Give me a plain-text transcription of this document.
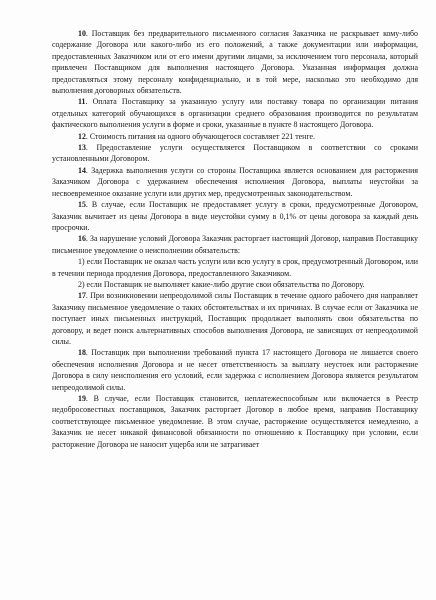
10. Поставщик без предварительного письменного согласия Заказчика не раскрывает кому-либо содержание Договора или какого-либо из его положений, а также документации или информации, предоставленных Заказчиком или от его имени другими лицами, за исключением того персонала, который привлечен Поставщиком для выполнения настоящего Договора. Указанная информация должна предоставляться этому персоналу конфиденциально, и в той мере, насколько это необходимо для выполнения договорных обязательств.

11. Оплата Поставщику за указанную услугу или поставку товара по организации питания отдельных категорий обучающихся в организации среднего образования производится по результатам фактического выполнения услуги в форме и сроки, указанные в пункте 8 настоящего Договора.

12. Стоимость питания на одного обучающегося составляет 221 тенге.

13. Предоставление услуги осуществляется Поставщиком в соответствии со сроками установленными Договором.

14. Задержка выполнения услуги со стороны Поставщика является основанием для расторжения Заказчиком Договора с удержанием обеспечения исполнения Договора, выплаты неустойки за несвоевременное оказание услуги или других мер, предусмотренных законодательством.

15. В случае, если Поставщик не предоставляет услугу в сроки, предусмотренные Договором, Заказчик вычитает из цены Договора в виде неустойки сумму в 0,1% от цены договора за каждый день просрочки.

16. За нарушение условий Договора Заказчик расторгает настоящий Договор, направив Поставщику письменное уведомление о неисполнении обязательств:

1) если Поставщик не оказал часть услуги или всю услугу в срок, предусмотренный Договором, или в течении периода продления Договора, предоставленного Заказчиком.

2) если Поставщик не выполняет какие-либо другие свои обязательства по Договору.

17. При возникновении непреодолимой силы Поставщик в течение одного рабочего дня направляет Заказчику письменное уведомление о таких обстоятельствах и их причинах. В случае если от Заказчика не поступает иных письменных инструкций, Поставщик продолжает выполнять свои обязательства по договору, и ведет поиск альтернативных способов выполнения Договора, не зависящих от непреодолимой силы.

18. Поставщик при выполнении требований пункта 17 настоящего Договора не лишается своего обеспечения исполнения Договора и не несет ответственность за выплату неустоек или расторжение Договора в силу неисполнения его условий, если задержка с исполнением Договора является результатом непреодолимой силы.

19. В случае, если Поставщик становится, неплатежеспособным или включается в Реестр недобросовестных поставщиков, Заказчик расторгает Договор в любое время, направив Поставщику соответствующее письменное уведомление. В этом случае, расторжение осуществляется немедленно, а Заказчик не несет никакой финансовой обязанности по отношению к Поставщику при условии, если расторжение Договора не наносит ущерба или не затрагивает
